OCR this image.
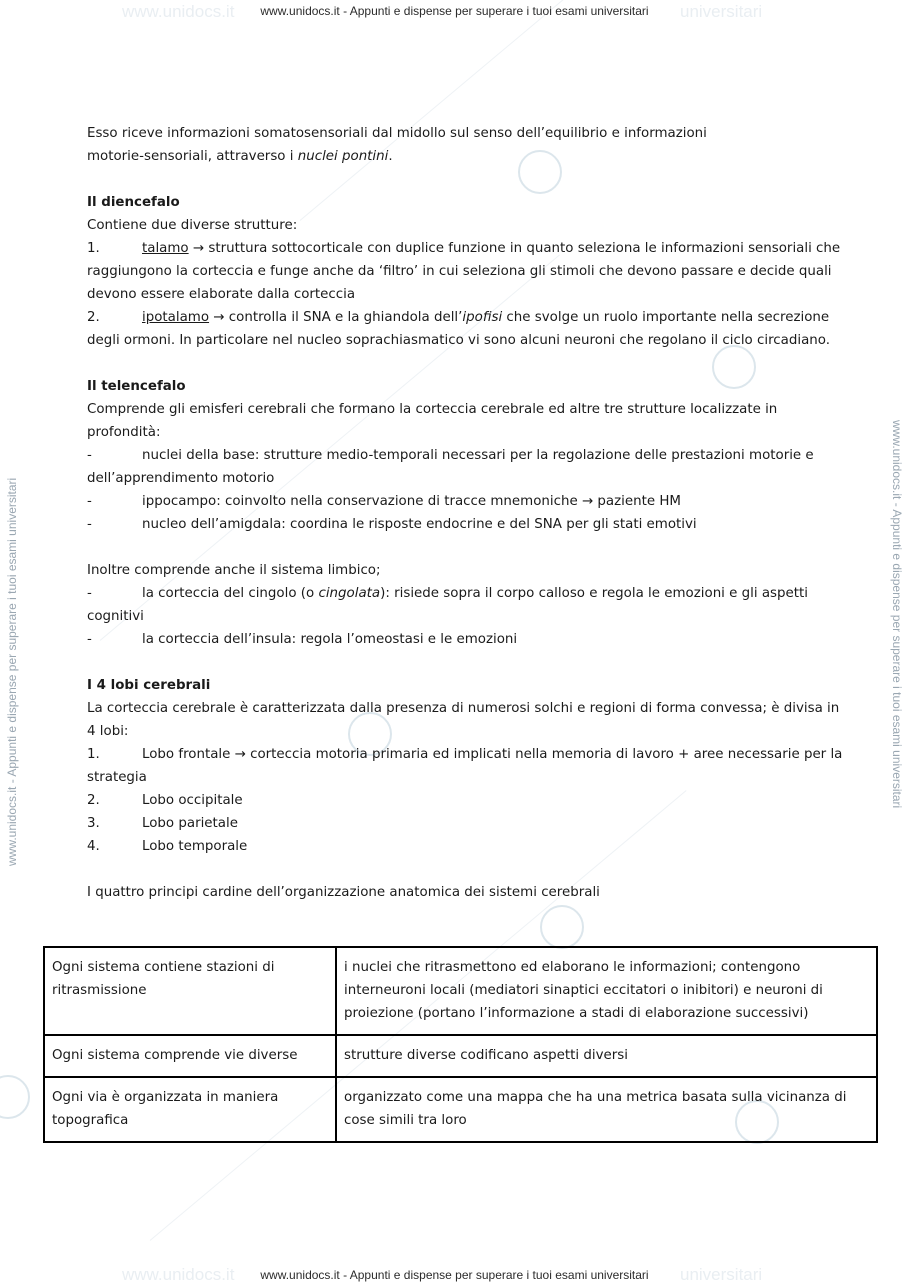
www.unidocs.it	universitari
www.unidocs.it	universitari
www.unidocs.it - Appunti e dispense per superare i tuoi esami universitari
www.unidocs.it - Appunti e dispense per superare i tuoi esami universitari
www.unidocs.it - Appunti e dispense per superare i tuoi esami universitari	www.unidocs.it - Appunti e dispense per superare i tuoi esami universitari

Esso riceve informazioni somatosensoriali dal midollo sul senso dell’equilibrio e informazioni

motorie-sensoriali, attraverso i nuclei pontini.

Il diencefalo

Contiene due diverse strutture:

1.	talamo → struttura sottocorticale con duplice funzione in quanto seleziona le informazioni sensoriali che raggiungono la corteccia e funge anche da ‘filtro’ in cui seleziona gli stimoli che devono passare e decide quali devono essere elaborate dalla corteccia
2.	ipotalamo → controlla il SNA e la ghiandola dell’ipofisi che svolge un ruolo importante nella secrezione degli ormoni. In particolare nel nucleo soprachiasmatico vi sono alcuni neuroni che regolano il ciclo circadiano.

Il telencefalo

Comprende gli emisferi cerebrali che formano la corteccia cerebrale ed altre tre strutture localizzate in profondità:

-	nuclei della base: strutture medio-temporali necessari per la regolazione delle prestazioni motorie e dell’apprendimento motorio
-	ippocampo: coinvolto nella conservazione di tracce mnemoniche → paziente HM
-	nucleo dell’amigdala: coordina le risposte endocrine e del SNA per gli stati emotivi

Inoltre comprende anche il sistema limbico;

-	la corteccia del cingolo (o cingolata): risiede sopra il corpo calloso e regola le emozioni e gli aspetti cognitivi
-	la corteccia dell’insula: regola l’omeostasi e le emozioni

I 4 lobi cerebrali

La corteccia cerebrale è caratterizzata dalla presenza di numerosi solchi e regioni di forma convessa; è divisa in 4 lobi:

1.	Lobo frontale → corteccia motoria primaria ed implicati nella memoria di lavoro + aree necessarie per la strategia
2.	Lobo occipitale
3.	Lobo parietale
4.	Lobo temporale

I quattro principi cardine dell’organizzazione anatomica dei sistemi cerebrali

Ogni sistema contiene stazioni di ritrasmissione	i nuclei che ritrasmettono ed elaborano le informazioni; contengono interneuroni locali (mediatori sinaptici eccitatori o inibitori) e neuroni di proiezione (portano l’informazione a stadi di elaborazione successivi)
Ogni sistema comprende vie diverse	strutture diverse codificano aspetti diversi
Ogni via è organizzata in maniera topografica	organizzato come una mappa che ha una metrica basata sulla vicinanza di cose simili tra loro
